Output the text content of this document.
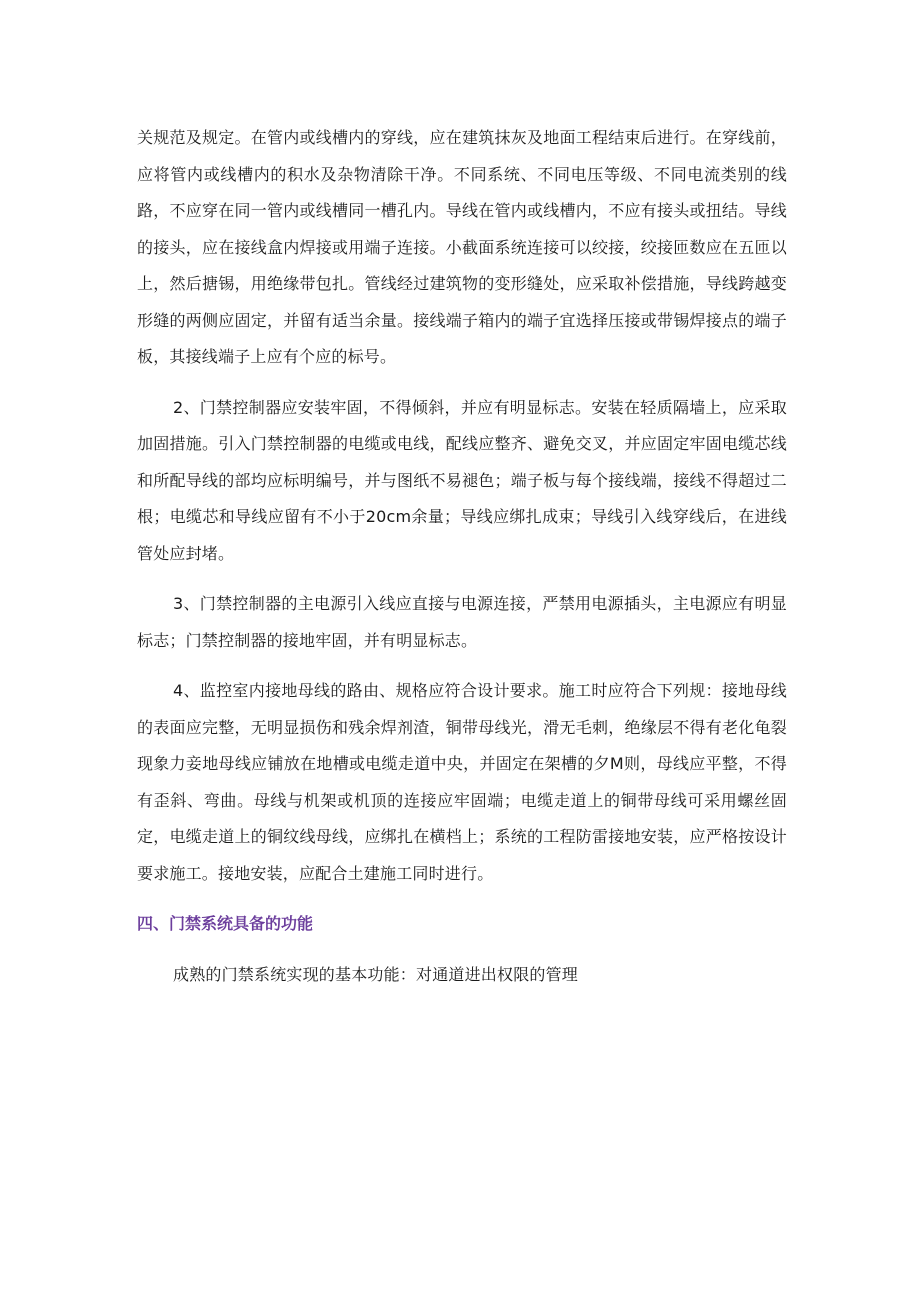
关规范及规定。在管内或线槽内的穿线，应在建筑抹灰及地面工程结束后进行。在穿线前，应将管内或线槽内的积水及杂物清除干净。不同系统、不同电压等级、不同电流类别的线路，不应穿在同一管内或线槽同一槽孔内。导线在管内或线槽内，不应有接头或扭结。导线的接头，应在接线盒内焊接或用端子连接。小截面系统连接可以绞接，绞接匝数应在五匝以上，然后搪锡，用绝缘带包扎。管线经过建筑物的变形缝处，应采取补偿措施，导线跨越变形缝的两侧应固定，并留有适当余量。接线端子箱内的端子宜选择压接或带锡焊接点的端子板，其接线端子上应有个应的标号。

2、门禁控制器应安装牢固，不得倾斜，并应有明显标志。安装在轻质隔墙上，应采取加固措施。引入门禁控制器的电缆或电线，配线应整齐、避免交叉，并应固定牢固电缆芯线和所配导线的部均应标明编号，并与图纸不易褪色；端子板与每个接线端，接线不得超过二根；电缆芯和导线应留有不小于20cm余量；导线应绑扎成束；导线引入线穿线后，在进线管处应封堵。

3、门禁控制器的主电源引入线应直接与电源连接，严禁用电源插头，主电源应有明显标志；门禁控制器的接地牢固，并有明显标志。

4、监控室内接地母线的路由、规格应符合设计要求。施工时应符合下列规：接地母线的表面应完整，无明显损伤和残余焊剂渣，铜带母线光，滑无毛刺，绝缘层不得有老化龟裂现象力妾地母线应铺放在地槽或电缆走道中央，并固定在架槽的夕M则，母线应平整，不得有歪斜、弯曲。母线与机架或机顶的连接应牢固端；电缆走道上的铜带母线可采用螺丝固定，电缆走道上的铜纹线母线，应绑扎在横档上；系统的工程防雷接地安装，应严格按设计要求施工。接地安装，应配合土建施工同时进行。

四、门禁系统具备的功能

成熟的门禁系统实现的基本功能：对通道进出权限的管理
